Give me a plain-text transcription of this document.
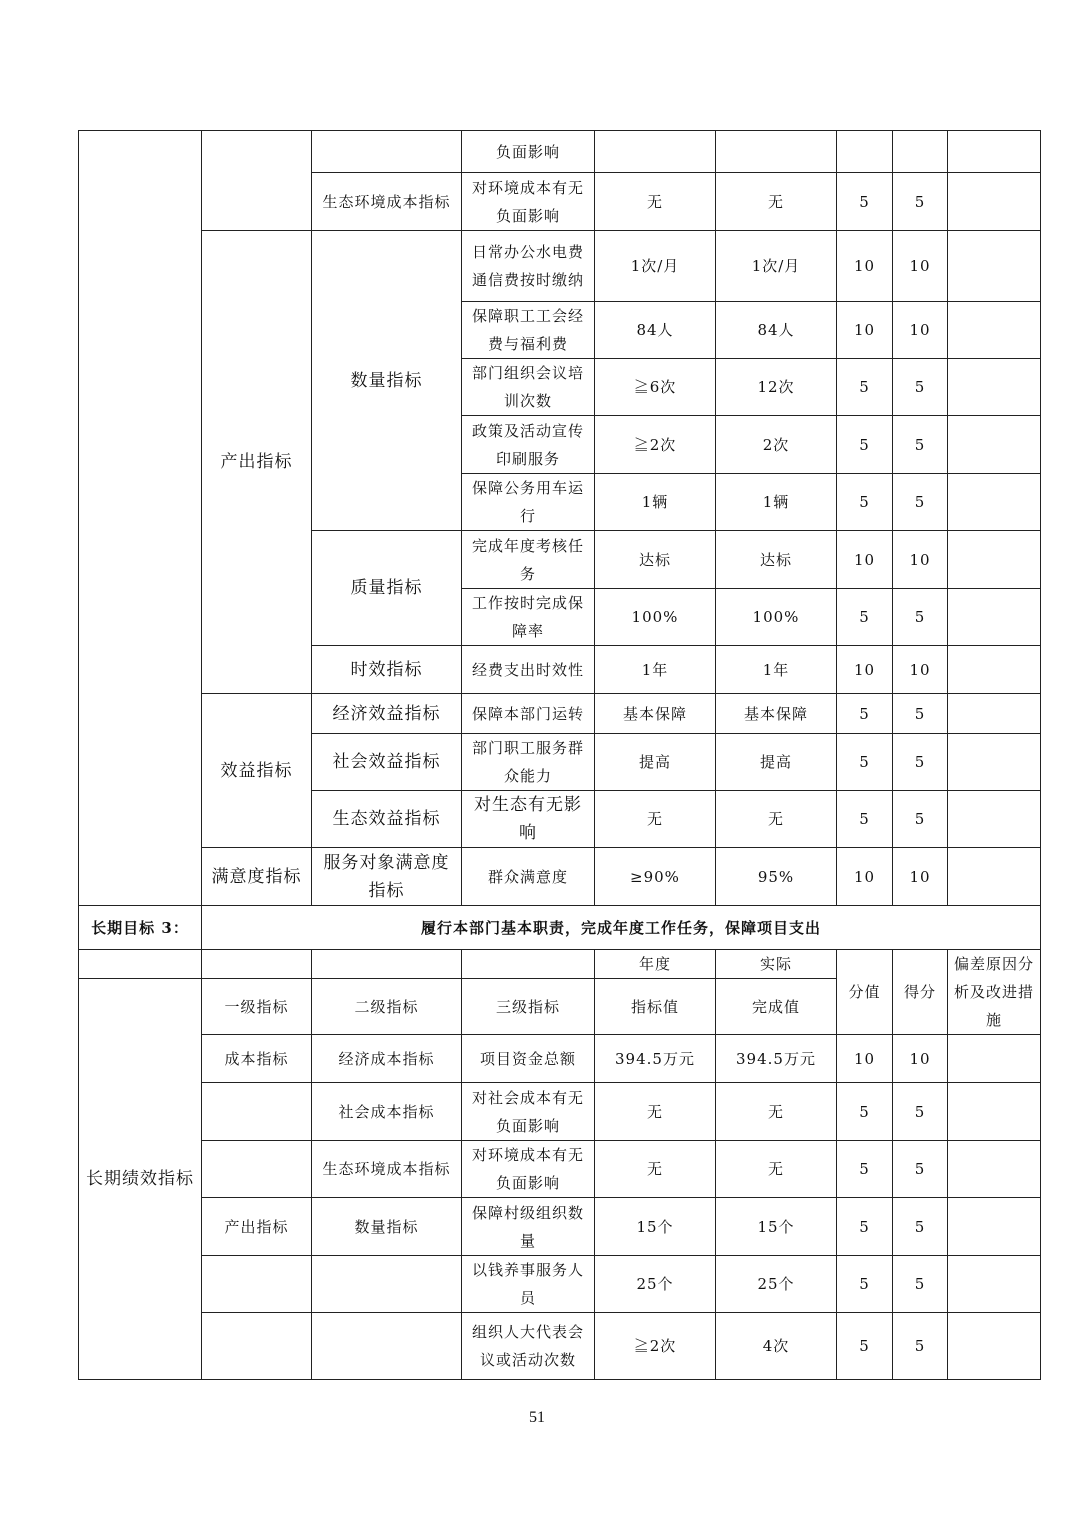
			负面影响					
		生态环境成本指标	对环境成本有无负面影响	无	无	5	5	
	产出指标	数量指标	日常办公水电费通信费按时缴纳	1次/月	1次/月	10	10	
			保障职工工会经费与福利费	84人	84人	10	10	
			部门组织会议培训次数	≧6次	12次	5	5	
			政策及活动宣传印刷服务	≧2次	2次	5	5	
			保障公务用车运行	1辆	1辆	5	5	
		质量指标	完成年度考核任务	达标	达标	10	10	
			工作按时完成保障率	100%	100%	5	5	
		时效指标	经费支出时效性	1年	1年	10	10	
	效益指标	经济效益指标	保障本部门运转	基本保障	基本保障	5	5	
		社会效益指标	部门职工服务群众能力	提高	提高	5	5	
		生态效益指标	对生态有无影响	无	无	5	5	
	满意度指标	服务对象满意度指标	群众满意度	≥90%	95%	10	10	
长期目标 3：	履行本部门基本职责，完成年度工作任务，保障项目支出							
				年度	实际	分值	得分	偏差原因分析及改进措施
长期绩效指标	一级指标	二级指标	三级指标	指标值	完成值			
	成本指标	经济成本指标	项目资金总额	394.5万元	394.5万元	10	10	
		社会成本指标	对社会成本有无负面影响	无	无	5	5	
		生态环境成本指标	对环境成本有无负面影响	无	无	5	5	
	产出指标	数量指标	保障村级组织数量	15个	15个	5	5	
			以钱养事服务人员	25个	25个	5	5	
			组织人大代表会议或活动次数	≧2次	4次	5	5	
51
